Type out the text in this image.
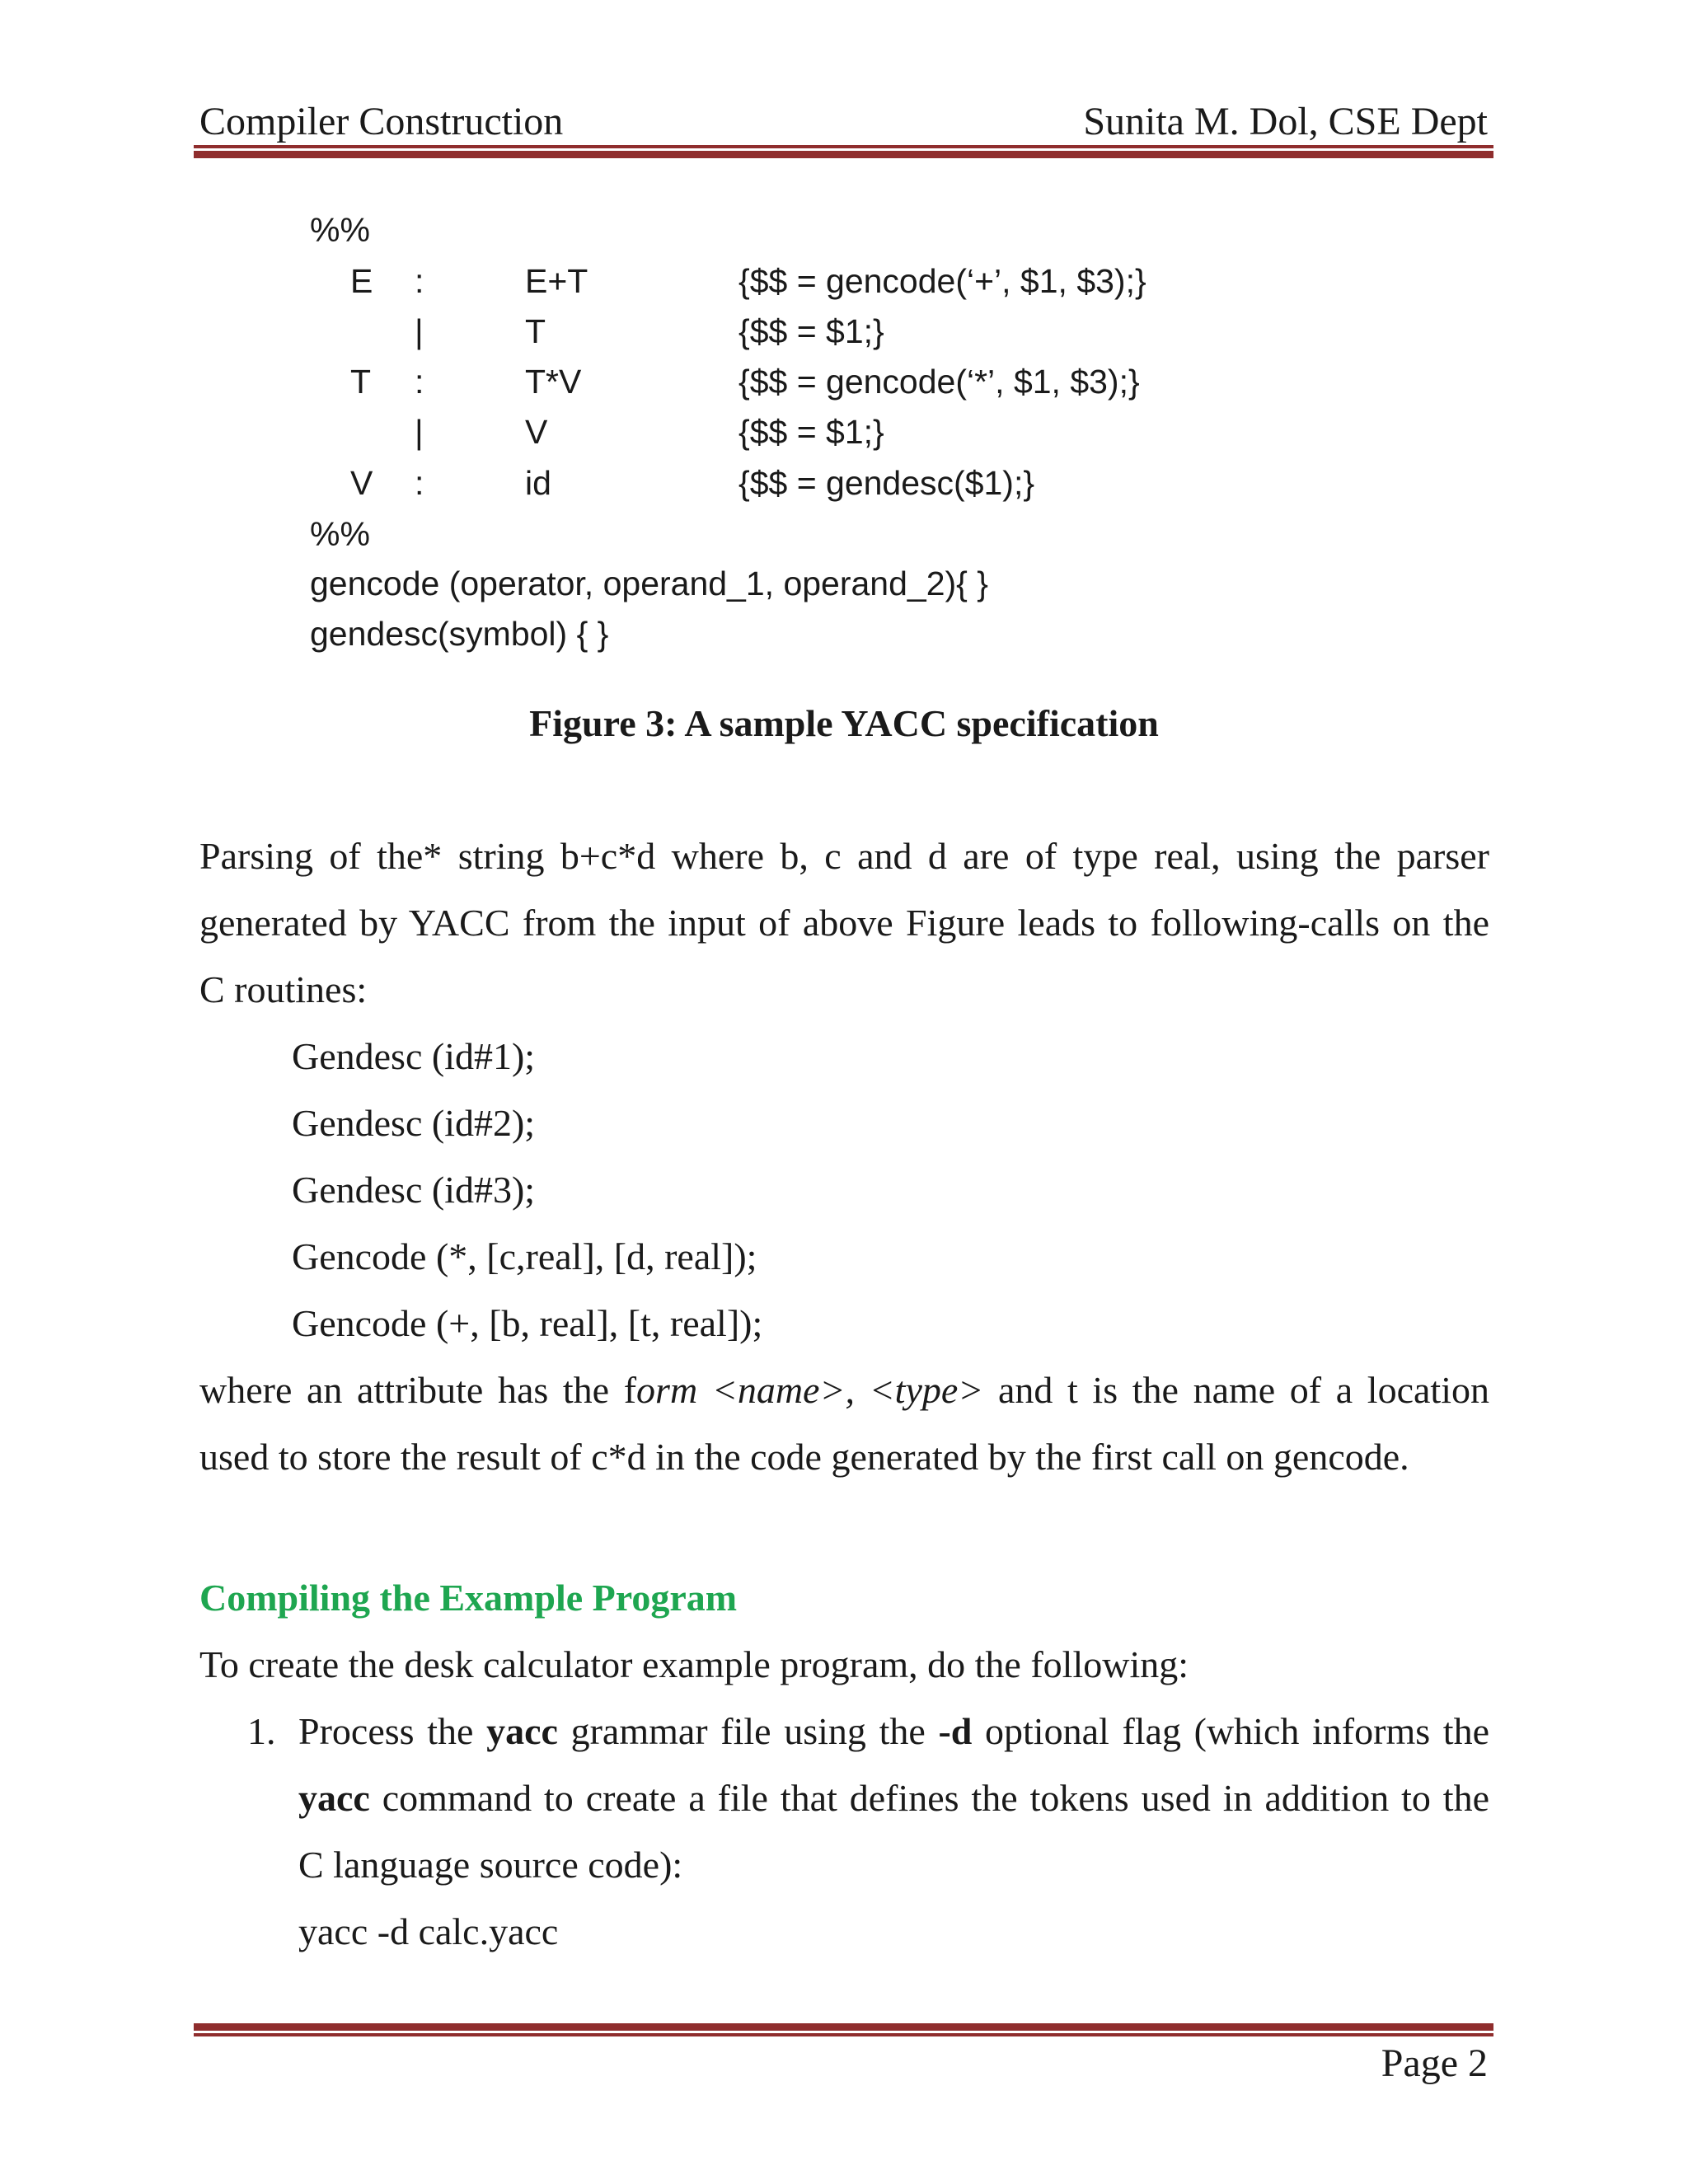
Compiler Construction	Sunita M. Dol, CSE Dept
%%
E :	E+T	{$$ = gencode(‘+’, $1, $3);}
|	T	{$$ = $1;}
T :	T*V	{$$ = gencode(‘*’, $1, $3);}
|	V	{$$ = $1;}
V :	id	{$$ = gendesc($1);}
%%
gencode (operator, operand_1, operand_2){ }
gendesc(symbol) { }
Figure 3: A sample YACC specification
Parsing of the* string b+c*d where b, c and d are of type real, using the parser
generated by YACC from the input of above Figure leads to following-calls on the
C routines:
Gendesc (id#1);
Gendesc (id#2);
Gendesc (id#3);
Gencode (*, [c,real], [d, real]);
Gencode (+, [b, real], [t, real]);
where an attribute has the form <name>, <type> and t is the name of a location
used to store the result of c*d in the code generated by the first call on gencode.
Compiling the Example Program
To create the desk calculator example program, do the following:
1. Process the yacc grammar file using the -d optional flag (which informs the
yacc command to create a file that defines the tokens used in addition to the
C language source code):
yacc -d calc.yacc
Page 2
